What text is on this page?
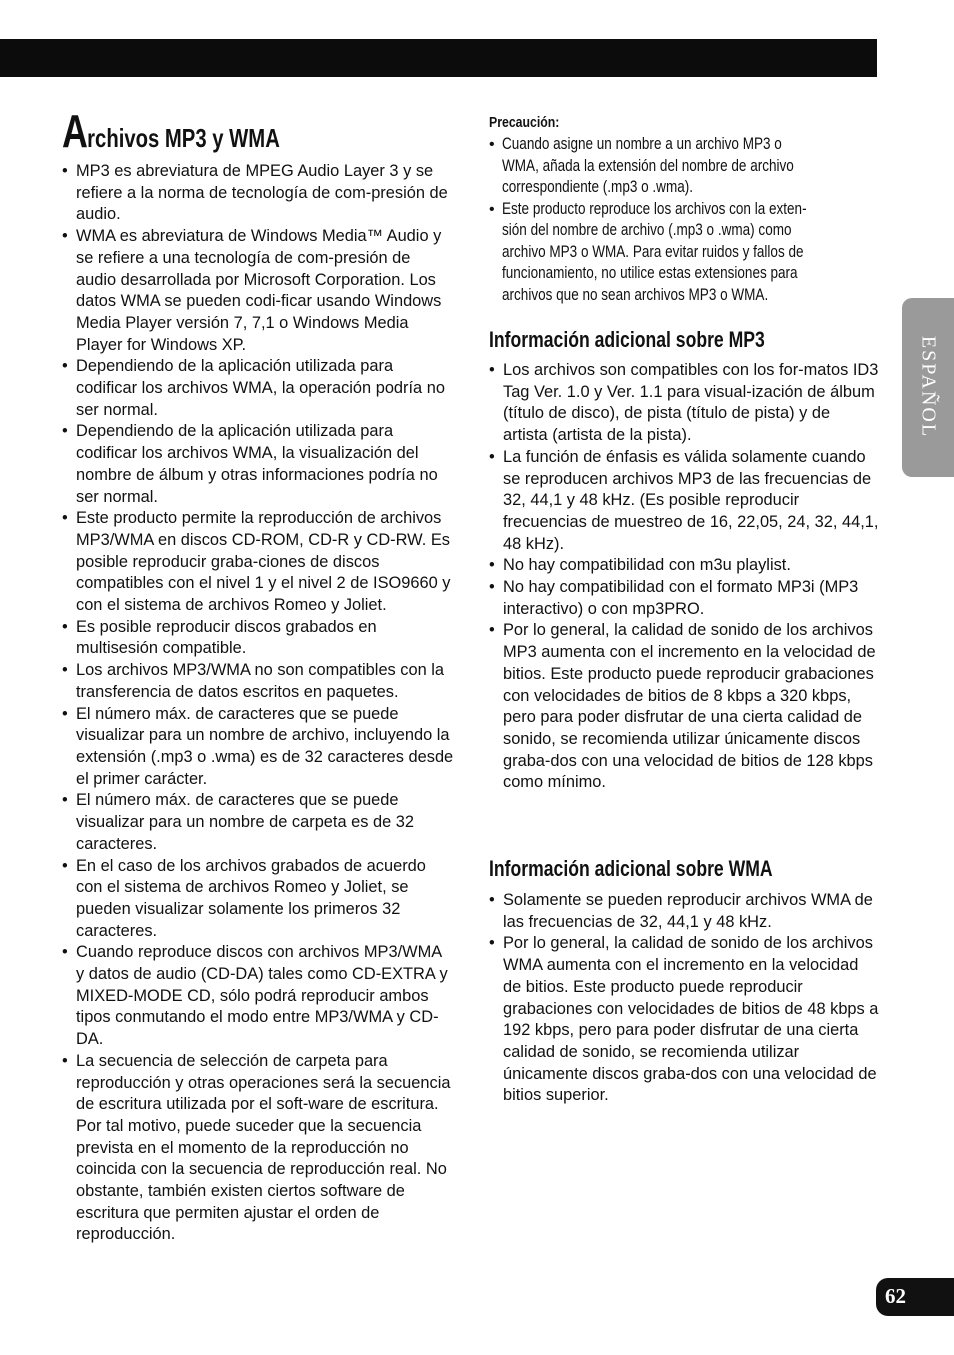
Archivos MP3 y WMA
• MP3 es abreviatura de MPEG Audio Layer 3 y se refiere a la norma de tecnología de com-presión de audio.
• WMA es abreviatura de Windows Media™ Audio y se refiere a una tecnología de com-presión de audio desarrollada por Microsoft Corporation. Los datos WMA se pueden codi-ficar usando Windows Media Player versión 7, 7,1 o Windows Media Player for Windows XP.
• Dependiendo de la aplicación utilizada para codificar los archivos WMA, la operación podría no ser normal.
• Dependiendo de la aplicación utilizada para codificar los archivos WMA, la visualización del nombre de álbum y otras informaciones podría no ser normal.
• Este producto permite la reproducción de archivos MP3/WMA en discos CD-ROM, CD-R y CD-RW. Es posible reproducir graba-ciones de discos compatibles con el nivel 1 y el nivel 2 de ISO9660 y con el sistema de archivos Romeo y Joliet.
• Es posible reproducir discos grabados en multisesión compatible.
• Los archivos MP3/WMA no son compatibles con la transferencia de datos escritos en paquetes.
• El número máx. de caracteres que se puede visualizar para un nombre de archivo, incluyendo la extensión (.mp3 o .wma) es de 32 caracteres desde el primer carácter.
• El número máx. de caracteres que se puede visualizar para un nombre de carpeta es de 32 caracteres.
• En el caso de los archivos grabados de acuerdo con el sistema de archivos Romeo y Joliet, se pueden visualizar solamente los primeros 32 caracteres.
• Cuando reproduce discos con archivos MP3/WMA y datos de audio (CD-DA) tales como CD-EXTRA y MIXED-MODE CD, sólo podrá reproducir ambos tipos conmutando el modo entre MP3/WMA y CD-DA.
• La secuencia de selección de carpeta para reproducción y otras operaciones será la secuencia de escritura utilizada por el soft-ware de escritura. Por tal motivo, puede suceder que la secuencia prevista en el momento de la reproducción no coincida con la secuencia de reproducción real. No obstante, también existen ciertos software de escritura que permiten ajustar el orden de reproducción.
Precaución:
• Cuando asigne un nombre a un archivo MP3 o
WMA, añada la extensión del nombre de archivo
correspondiente (.mp3 o .wma).
• Este producto reproduce los archivos con la exten-
sión del nombre de archivo (.mp3 o .wma) como
archivo MP3 o WMA. Para evitar ruidos y fallos de
funcionamiento, no utilice estas extensiones para
archivos que no sean archivos MP3 o WMA.
Información adicional sobre MP3
• Los archivos son compatibles con los for-matos ID3 Tag Ver. 1.0 y Ver. 1.1 para visual-ización de álbum (título de disco), de pista (título de pista) y de artista (artista de la pista).
• La función de énfasis es válida solamente cuando se reproducen archivos MP3 de las frecuencias de 32, 44,1 y 48 kHz. (Es posible reproducir frecuencias de muestreo de 16, 22,05, 24, 32, 44,1, 48 kHz).
• No hay compatibilidad con m3u playlist.
• No hay compatibilidad con el formato MP3i (MP3 interactivo) o con mp3PRO.
• Por lo general, la calidad de sonido de los archivos MP3 aumenta con el incremento en la velocidad de bitios. Este producto puede reproducir grabaciones con velocidades de bitios de 8 kbps a 320 kbps, pero para poder disfrutar de una cierta calidad de sonido, se recomienda utilizar únicamente discos graba-dos con una velocidad de bitios de 128 kbps como mínimo.
Información adicional sobre WMA
• Solamente se pueden reproducir archivos WMA de las frecuencias de 32, 44,1 y 48 kHz.
• Por lo general, la calidad de sonido de los archivos WMA aumenta con el incremento en la velocidad de bitios. Este producto puede reproducir grabaciones con velocidades de bitios de 48 kbps a 192 kbps, pero para poder disfrutar de una cierta calidad de sonido, se recomienda utilizar únicamente discos graba-dos con una velocidad de bitios superior.
ESPAÑOL
62
